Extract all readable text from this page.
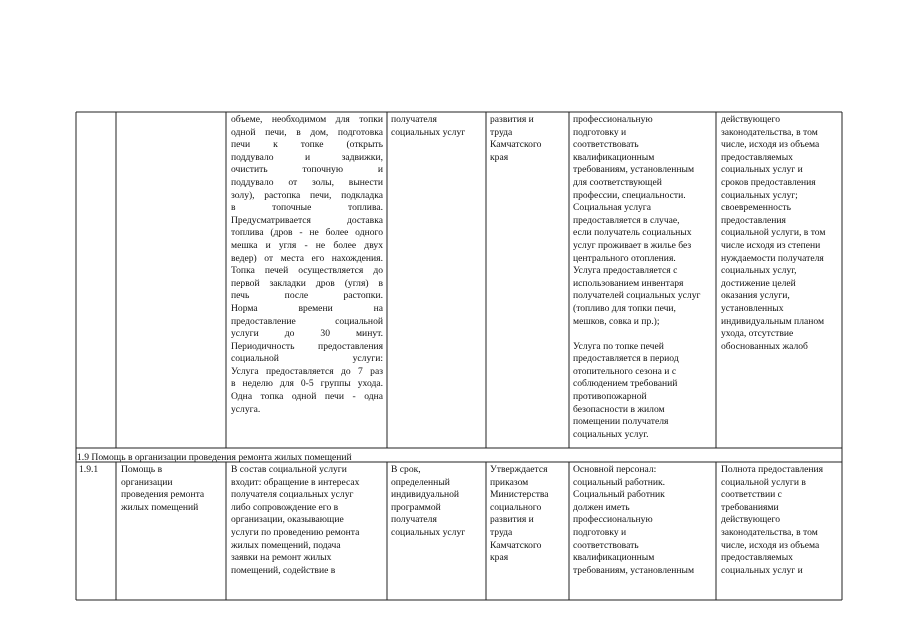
объеме, необходимом для топки
одной печи, в дом, подготовка
печи к топке (открыть
поддувало и задвижки,
очистить топочную и
поддувало от золы, вынести
золу), растопка печи, подкладка
в топочные топлива.
Предусматривается доставка
топлива (дров - не более одного
мешка и угля - не более двух
ведер) от места его нахождения.
Топка печей осуществляется до
первой закладки дров (угля) в
печь после растопки.
Норма времени на
предоставление социальной
услуги до 30 минут.
Периодичность предоставления
социальной услуги:
Услуга предоставляется до 7 раз
в неделю для 0-5 группы ухода.
Одна топка одной печи - одна
услуга.
получателя
социальных услуг
развития и
труда
Камчатского
края
профессиональную
подготовку и
соответствовать
квалификационным
требованиям, установленным
для соответствующей
профессии, специальности.
Социальная услуга
предоставляется в случае,
если получатель социальных
услуг проживает в жилье без
центрального отопления.
Услуга предоставляется с
использованием инвентаря
получателей социальных услуг
(топливо для топки печи,
мешков, совка и пр.);

Услуга по топке печей
предоставляется в период
отопительного сезона и с
соблюдением требований
противопожарной
безопасности в жилом
помещении получателя
социальных услуг.
действующего
законодательства, в том
числе, исходя из объема
предоставляемых
социальных услуг и
сроков предоставления
социальных услуг;
своевременность
предоставления
социальной услуги, в том
числе исходя из степени
нуждаемости получателя
социальных услуг,
достижение целей
оказания услуги,
установленных
индивидуальным планом
ухода, отсутствие
обоснованных жалоб
1.9 Помощь в организации проведения ремонта жилых помещений
1.9.1	Помощь в
организации
проведения ремонта
жилых помещений
В состав социальной услуги
входит: обращение в интересах
получателя социальных услуг
либо сопровождение его в
организации, оказывающие
услуги по проведению ремонта
жилых помещений, подача
заявки на ремонт жилых
помещений, содействие в
В срок,
определенный
индивидуальной
программой
получателя
социальных услуг
Утверждается
приказом
Министерства
социального
развития и
труда
Камчатского
края
Основной персонал:
социальный работник.
Социальный работник
должен иметь
профессиональную
подготовку и
соответствовать
квалификационным
требованиям, установленным
Полнота предоставления
социальной услуги в
соответствии с
требованиями
действующего
законодательства, в том
числе, исходя из объема
предоставляемых
социальных услуг и
